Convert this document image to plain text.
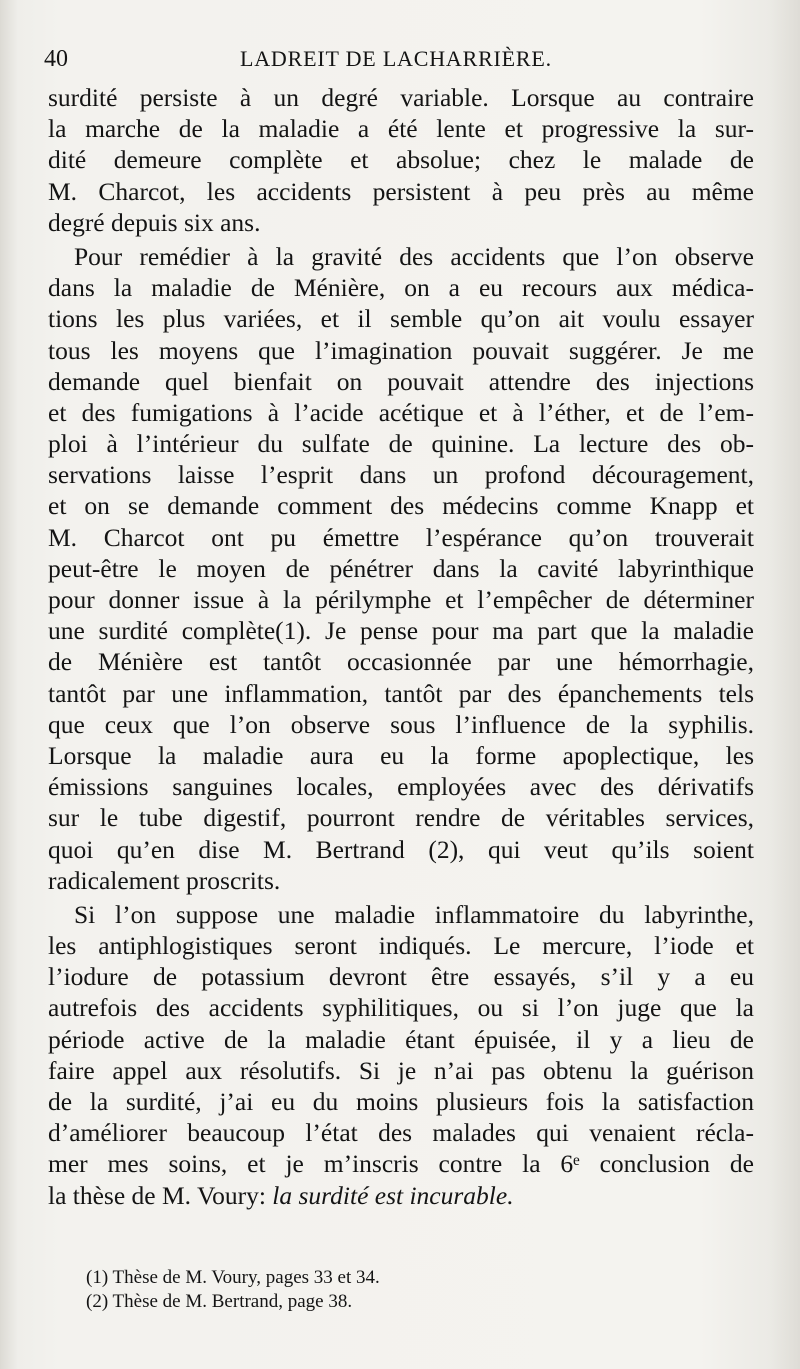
40	LADREIT DE LACHARRIÈRE.
surdité persiste à un degré variable. Lorsque au contraire
la marche de la maladie a été lente et progressive la sur-
dité demeure complète et absolue; chez le malade de
M. Charcot, les accidents persistent à peu près au même
degré depuis six ans.
Pour remédier à la gravité des accidents que l’on observe
dans la maladie de Ménière, on a eu recours aux médica-
tions les plus variées, et il semble qu’on ait voulu essayer
tous les moyens que l’imagination pouvait suggérer. Je me
demande quel bienfait on pouvait attendre des injections
et des fumigations à l’acide acétique et à l’éther, et de l’em-
ploi à l’intérieur du sulfate de quinine. La lecture des ob-
servations laisse l’esprit dans un profond découragement,
et on se demande comment des médecins comme Knapp et
M. Charcot ont pu émettre l’espérance qu’on trouverait
peut-être le moyen de pénétrer dans la cavité labyrinthique
pour donner issue à la périlymphe et l’empêcher de déterminer
une surdité complète(1). Je pense pour ma part que la maladie
de Ménière est tantôt occasionnée par une hémorrhagie,
tantôt par une inflammation, tantôt par des épanchements tels
que ceux que l’on observe sous l’influence de la syphilis.
Lorsque la maladie aura eu la forme apoplectique, les
émissions sanguines locales, employées avec des dérivatifs
sur le tube digestif, pourront rendre de véritables services,
quoi qu’en dise M. Bertrand (2), qui veut qu’ils soient
radicalement proscrits.
Si l’on suppose une maladie inflammatoire du labyrinthe,
les antiphlogistiques seront indiqués. Le mercure, l’iode et
l’iodure de potassium devront être essayés, s’il y a eu
autrefois des accidents syphilitiques, ou si l’on juge que la
période active de la maladie étant épuisée, il y a lieu de
faire appel aux résolutifs. Si je n’ai pas obtenu la guérison
de la surdité, j’ai eu du moins plusieurs fois la satisfaction
d’améliorer beaucoup l’état des malades qui venaient récla-
mer mes soins, et je m’inscris contre la 6ᵉ conclusion de
la thèse de M. Voury: la surdité est incurable.
(1) Thèse de M. Voury, pages 33 et 34.
(2) Thèse de M. Bertrand, page 38.
